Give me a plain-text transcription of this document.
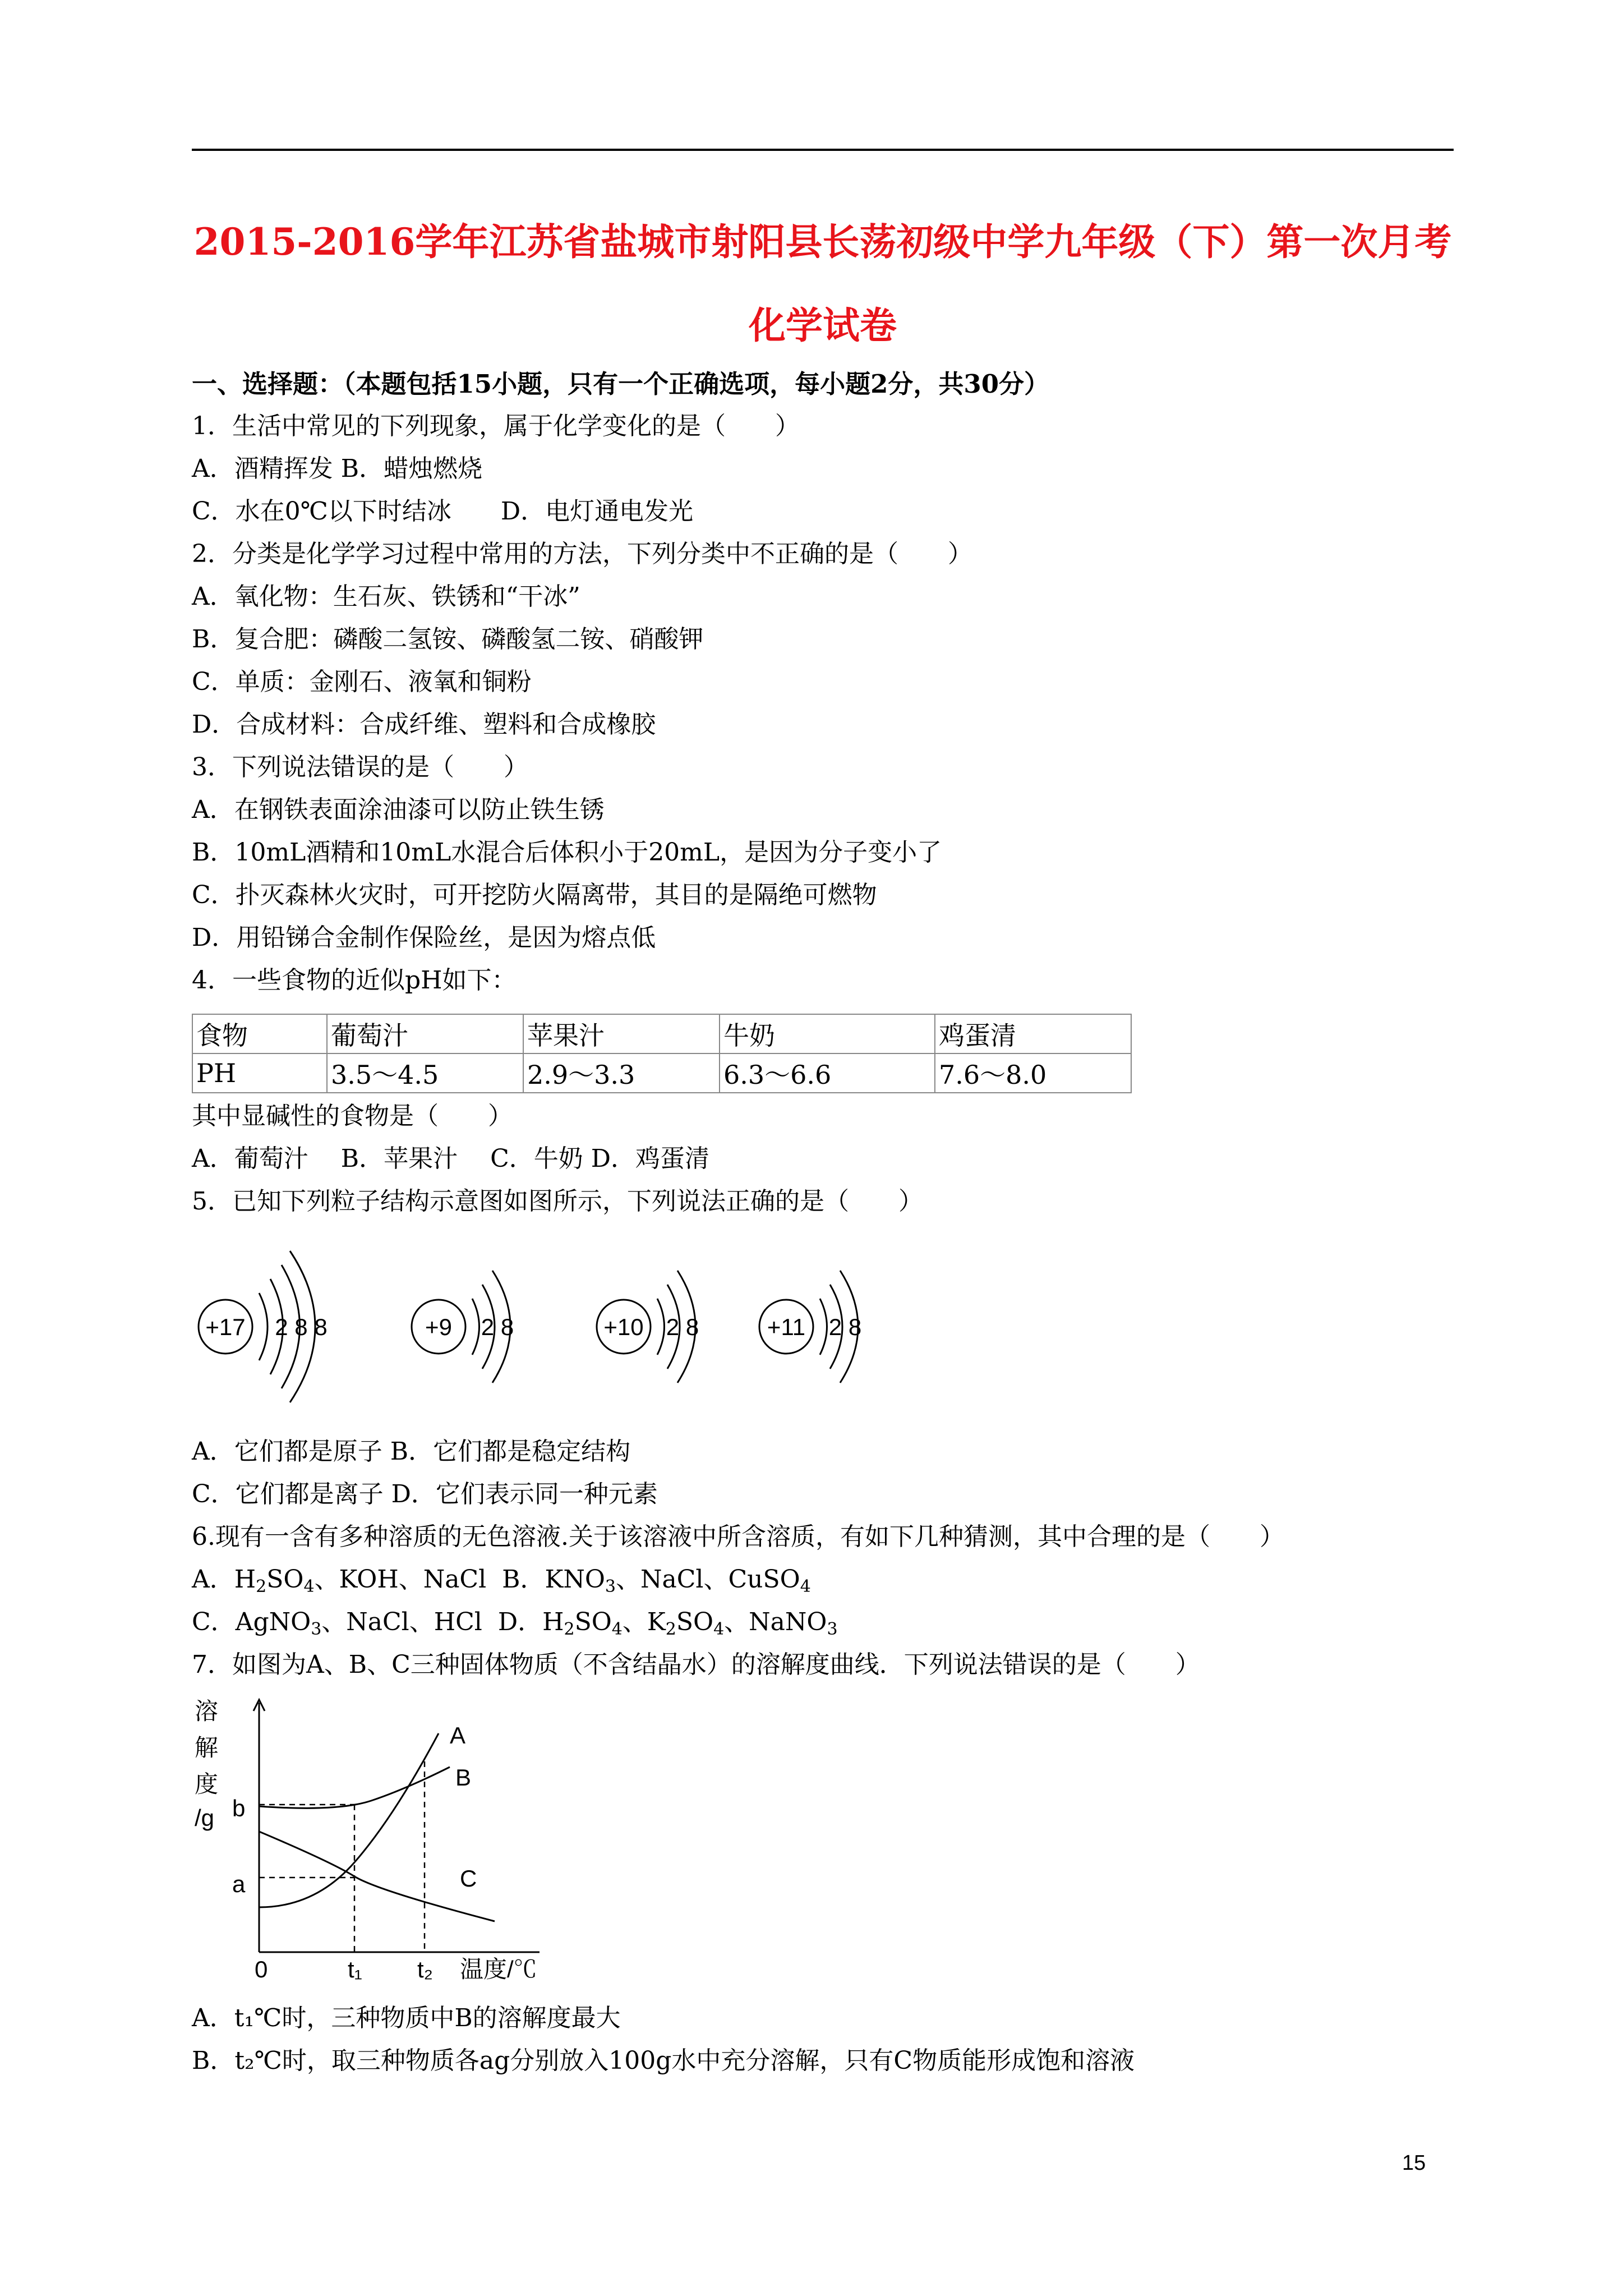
2015-2016学年江苏省盐城市射阳县长荡初级中学九年级（下）第一次月考
化学试卷
一、选择题：（本题包括15小题，只有一个正确选项，每小题2分，共30分）
1．生活中常见的下列现象，属于化学变化的是（　　）
A．酒精挥发 B．蜡烛燃烧
C．水在0℃以下时结冰　　D．电灯通电发光
2．分类是化学学习过程中常用的方法，下列分类中不正确的是（　　）
A．氧化物：生石灰、铁锈和“干冰”
B．复合肥：磷酸二氢铵、磷酸氢二铵、硝酸钾
C．单质：金刚石、液氧和铜粉
D．合成材料：合成纤维、塑料和合成橡胶
3．下列说法错误的是（　　）
A．在钢铁表面涂油漆可以防止铁生锈
B．10mL酒精和10mL水混合后体积小于20mL，是因为分子变小了
C．扑灭森林火灾时，可开挖防火隔离带，其目的是隔绝可燃物
D．用铅锑合金制作保险丝，是因为熔点低
4．一些食物的近似pH如下：
食物	葡萄汁	苹果汁	牛奶	鸡蛋清
PH	3.5～4.5	2.9～3.3	6.3～6.6	7.6～8.0
其中显碱性的食物是（　　）
A．葡萄汁　 B．苹果汁　 C．牛奶 D．鸡蛋清
5．已知下列粒子结构示意图如图所示，下列说法正确的是（　　）
+17 2 8 8	+9 2 8	+10 2 8	+11 2 8
A．它们都是原子 B．它们都是稳定结构
C．它们都是离子 D．它们表示同一种元素
6.现有一含有多种溶质的无色溶液.关于该溶液中所含溶质，有如下几种猜测，其中合理的是（　　）
A．$H_2SO_4$、KOH、NaCl  B．$KNO_3$、NaCl、CuSO$_4$
C．AgNO$_3$、NaCl、HCl  D．$H_2SO_4$、$K_2SO_4$、NaNO$_3$
7．如图为A、B、C三种固体物质（不含结晶水）的溶解度曲线．下列说法错误的是（　　）
溶
解
度
/g b
a
0	t₁ t₂ 温度/℃
A
B
C
A．t₁℃时，三种物质中B的溶解度最大
B．t₂℃时，取三种物质各ag分别放入100g水中充分溶解，只有C物质能形成饱和溶液
15
